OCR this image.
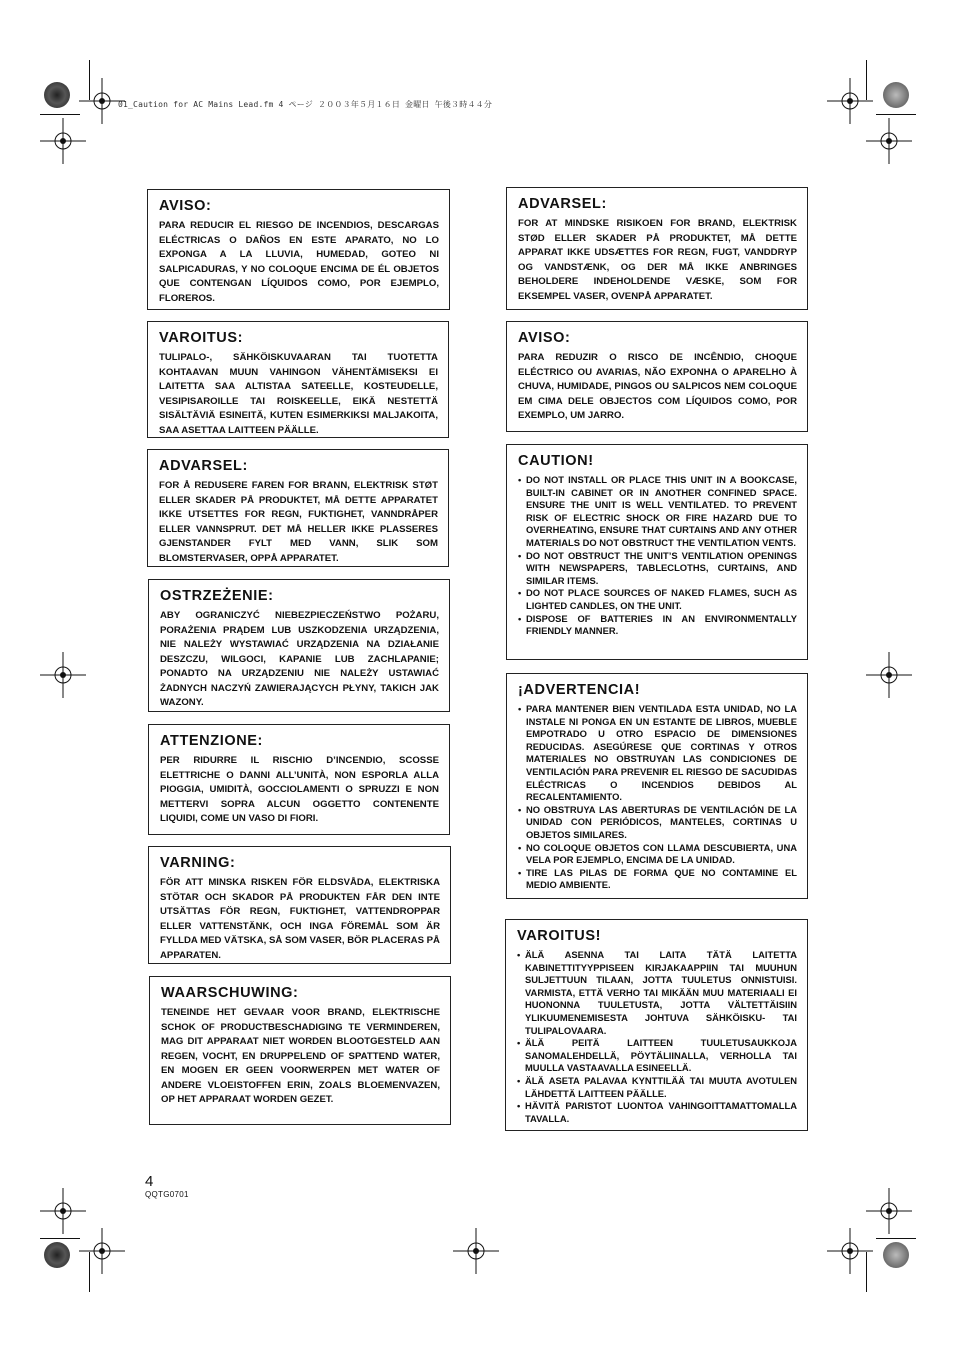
01_Caution for AC Mains Lead.fm 4 ページ ２００３年５月１６日 金曜日 午後３時４４分
AVISO:

PARA REDUCIR EL RIESGO DE INCENDIOS, DESCARGAS ELÉCTRICAS O DAÑOS EN ESTE APARATO, NO LO EXPONGA A LA LLUVIA, HUMEDAD, GOTEO NI SALPICADURAS, Y NO COLOQUE ENCIMA DE ÉL OBJETOS QUE CONTENGAN LÍQUIDOS COMO, POR EJEMPLO, FLOREROS.

VAROITUS:

TULIPALO-, SÄHKÖISKUVAARAN TAI TUOTETTA KOHTAAVAN MUUN VAHINGON VÄHENTÄMISEKSI EI LAITETTA SAA ALTISTAA SATEELLE, KOSTEUDELLE, VESIPISAROILLE TAI ROISKEELLE, EIKÄ NESTETTÄ SISÄLTÄVIÄ ESINEITÄ, KUTEN ESIMERKIKSI MALJAKOITA, SAA ASETTAA LAITTEEN PÄÄLLE.

ADVARSEL:

FOR Å REDUSERE FAREN FOR BRANN, ELEKTRISK STØT ELLER SKADER PÅ PRODUKTET, MÅ DETTE APPARATET IKKE UTSETTES FOR REGN, FUKTIGHET, VANNDRÅPER ELLER VANNSPRUT. DET MÅ HELLER IKKE PLASSERES GJENSTANDER FYLT MED VANN, SLIK SOM BLOMSTERVASER, OPPÅ APPARATET.

OSTRZEŻENIE:

ABY OGRANICZYĆ NIEBEZPIECZEŃSTWO POŻARU, PORAŻENIA PRĄDEM LUB USZKODZENIA URZĄDZENIA, NIE NALEŻY WYSTAWIAĆ URZĄDZENIA NA DZIAŁANIE DESZCZU, WILGOCI, KAPANIE LUB ZACHLAPANIE; PONADTO NA URZĄDZENIU NIE NALEŻY USTAWIAĆ ŻADNYCH NACZYŃ ZAWIERAJĄCYCH PŁYNY, TAKICH JAK WAZONY.

ATTENZIONE:

PER RIDURRE IL RISCHIO D’INCENDIO, SCOSSE ELETTRICHE O DANNI ALL’UNITÀ, NON ESPORLA ALLA PIOGGIA, UMIDITÀ, GOCCIOLAMENTI O SPRUZZI E NON METTERVI SOPRA ALCUN OGGETTO CONTENENTE LIQUIDI, COME UN VASO DI FIORI.

VARNING:

FÖR ATT MINSKA RISKEN FÖR ELDSVÅDA, ELEKTRISKA STÖTAR OCH SKADOR PÅ PRODUKTEN FÅR DEN INTE UTSÄTTAS FÖR REGN, FUKTIGHET, VATTENDROPPAR ELLER VATTENSTÄNK, OCH INGA FÖREMÅL SOM ÄR FYLLDA MED VÄTSKA, SÅ SOM VASER, BÖR PLACERAS PÅ APPARATEN.

WAARSCHUWING:

TENEINDE HET GEVAAR VOOR BRAND, ELEKTRISCHE SCHOK OF PRODUCTBESCHADIGING TE VERMINDEREN, MAG DIT APPARAAT NIET WORDEN BLOOTGESTELD AAN REGEN, VOCHT, EN DRUPPELEND OF SPATTEND WATER, EN MOGEN ER GEEN VOORWERPEN MET WATER OF ANDERE VLOEISTOFFEN ERIN, ZOALS BLOEMENVAZEN, OP HET APPARAAT WORDEN GEZET.

ADVARSEL:

FOR AT MINDSKE RISIKOEN FOR BRAND, ELEKTRISK STØD ELLER SKADER PÅ PRODUKTET, MÅ DETTE APPARAT IKKE UDSÆTTES FOR REGN, FUGT, VANDDRYP OG VANDSTÆNK, OG DER MÅ IKKE ANBRINGES BEHOLDERE INDEHOLDENDE VÆSKE, SOM FOR EKSEMPEL VASER, OVENPÅ APPARATET.

AVISO:

PARA REDUZIR O RISCO DE INCÊNDIO, CHOQUE ELÉCTRICO OU AVARIAS, NÃO EXPONHA O APARELHO À CHUVA, HUMIDADE, PINGOS OU SALPICOS NEM COLOQUE EM CIMA DELE OBJECTOS COM LÍQUIDOS COMO, POR EXEMPLO, UM JARRO.

CAUTION!
• DO NOT INSTALL OR PLACE THIS UNIT IN A BOOKCASE, BUILT-IN CABINET OR IN ANOTHER CONFINED SPACE. ENSURE THE UNIT IS WELL VENTILATED. TO PREVENT RISK OF ELECTRIC SHOCK OR FIRE HAZARD DUE TO OVERHEATING, ENSURE THAT CURTAINS AND ANY OTHER MATERIALS DO NOT OBSTRUCT THE VENTILATION VENTS.
• DO NOT OBSTRUCT THE UNIT’S VENTILATION OPENINGS WITH NEWSPAPERS, TABLECLOTHS, CURTAINS, AND SIMILAR ITEMS.
• DO NOT PLACE SOURCES OF NAKED FLAMES, SUCH AS LIGHTED CANDLES, ON THE UNIT.
• DISPOSE OF BATTERIES IN AN ENVIRONMENTALLY FRIENDLY MANNER.
¡ADVERTENCIA!
• PARA MANTENER BIEN VENTILADA ESTA UNIDAD, NO LA INSTALE NI PONGA EN UN ESTANTE DE LIBROS, MUEBLE EMPOTRADO U OTRO ESPACIO DE DIMENSIONES REDUCIDAS. ASEGÚRESE QUE CORTINAS Y OTROS MATERIALES NO OBSTRUYAN LAS CONDICIONES DE VENTILACIÓN PARA PREVENIR EL RIESGO DE SACUDIDAS ELÉCTRICAS O INCENDIOS DEBIDOS AL RECALENTAMIENTO.
• NO OBSTRUYA LAS ABERTURAS DE VENTILACIÓN DE LA UNIDAD CON PERIÓDICOS, MANTELES, CORTINAS U OBJETOS SIMILARES.
• NO COLOQUE OBJETOS CON LLAMA DESCUBIERTA, UNA VELA POR EJEMPLO, ENCIMA DE LA UNIDAD.
• TIRE LAS PILAS DE FORMA QUE NO CONTAMINE EL MEDIO AMBIENTE.
VAROITUS!
• ÄLÄ ASENNA TAI LAITA TÄTÄ LAITETTA KABINETTITYYPPISEEN KIRJAKAAPPIIN TAI MUUHUN SULJETTUUN TILAAN, JOTTA TUULETUS ONNISTUISI. VARMISTA, ETTÄ VERHO TAI MIKÄÄN MUU MATERIAALI EI HUONONNA TUULETUSTA, JOTTA VÄLTETTÄISIIN YLIKUUMENEMISESTA JOHTUVA SÄHKÖISKU- TAI TULIPALOVAARA.
• ÄLÄ PEITÄ LAITTEEN TUULETUSAUKKOJA SANOMALEHDELLÄ, PÖYTÄLIINALLA, VERHOLLA TAI MUULLA VASTAAVALLA ESINEELLÄ.
• ÄLÄ ASETA PALAVAA KYNTTILÄÄ TAI MUUTA AVOTULEN LÄHDETTÄ LAITTEEN PÄÄLLE.
• HÄVITÄ PARISTOT LUONTOA VAHINGOITTAMATTOMALLA TAVALLA.
4
QQTG0701
